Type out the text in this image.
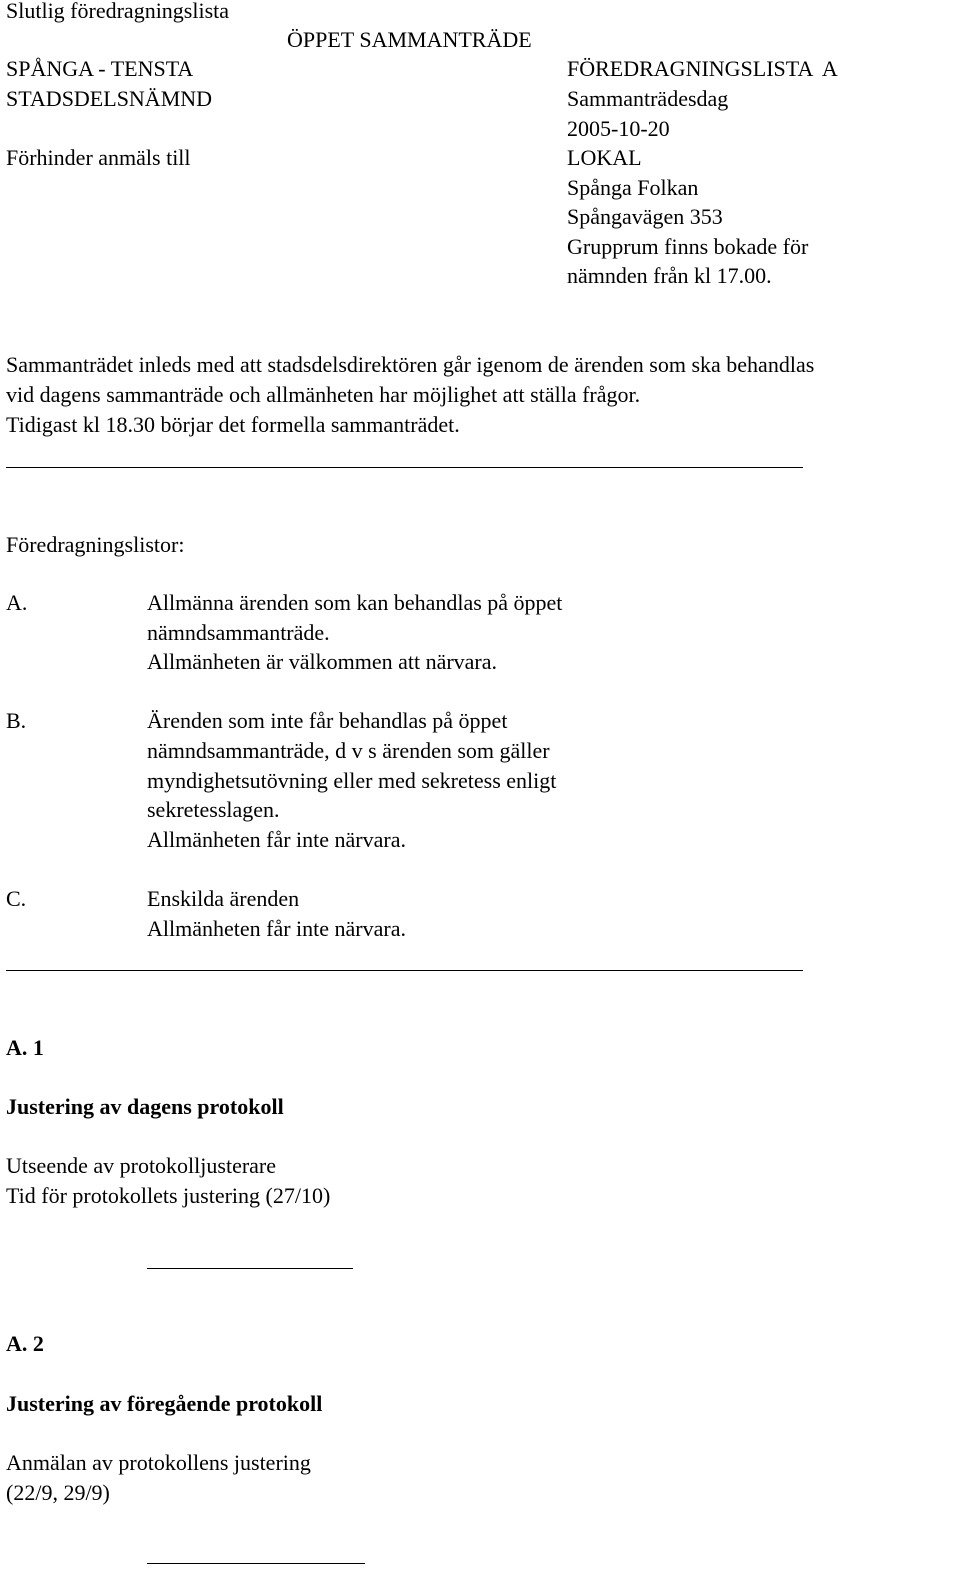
Slutlig föredragningslista
ÖPPET SAMMANTRÄDE
SPÅNGA - TENSTA	FÖREDRAGNINGSLISTA  A
STADSDELSNÄMND	Sammanträdesdag
2005-10-20
Förhinder anmäls till	LOKAL
Spånga Folkan
Spångavägen 353
Grupprum finns bokade för
nämnden från kl 17.00.
Sammanträdet inleds med att stadsdelsdirektören går igenom de ärenden som ska behandlas
vid dagens sammanträde och allmänheten har möjlighet att ställa frågor.
Tidigast kl 18.30 börjar det formella sammanträdet.
Föredragningslistor:
A.	Allmänna ärenden som kan behandlas på öppet
nämndsammanträde.
Allmänheten är välkommen att närvara.
B.	Ärenden som inte får behandlas på öppet
nämndsammanträde, d v s ärenden som gäller
myndighetsutövning eller med sekretess enligt
sekretesslagen.
Allmänheten får inte närvara.
C.	Enskilda ärenden
Allmänheten får inte närvara.
A. 1
Justering av dagens protokoll
Utseende av protokolljusterare
Tid för protokollets justering (27/10)
A. 2
Justering av föregående protokoll
Anmälan av protokollens justering
(22/9, 29/9)
